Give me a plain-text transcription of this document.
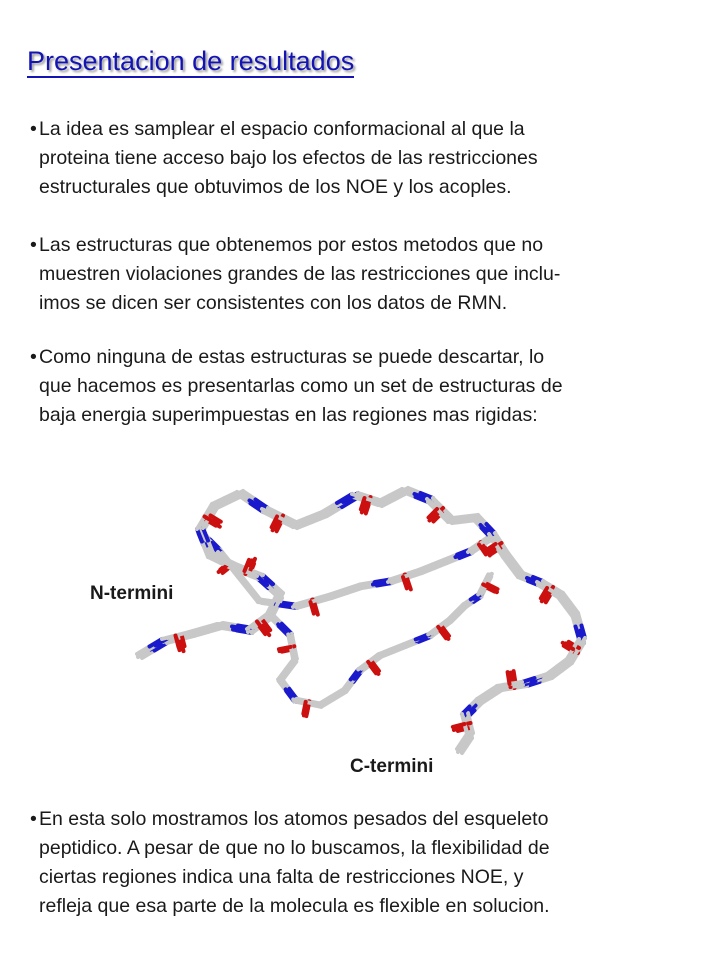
Presentacion de resultados
• La idea es samplear el espacio conformacional al que la
proteina tiene acceso bajo los efectos de las restricciones
estructurales que obtuvimos de los NOE y los acoples.
• Las estructuras que obtenemos por estos metodos que no
muestren violaciones grandes de las restricciones que inclu-
imos se dicen ser consistentes con los datos de RMN.
• Como ninguna de estas estructuras se puede descartar, lo
que hacemos es presentarlas como un set de estructuras de
baja energia superimpuestas en las regiones mas rigidas:
N-termini
C-termini
• En esta solo mostramos los atomos pesados del esqueleto
peptidico. A pesar de que no lo buscamos, la flexibilidad de
ciertas regiones indica una falta de restricciones NOE, y
refleja que esa parte de la molecula es flexible en solucion.
